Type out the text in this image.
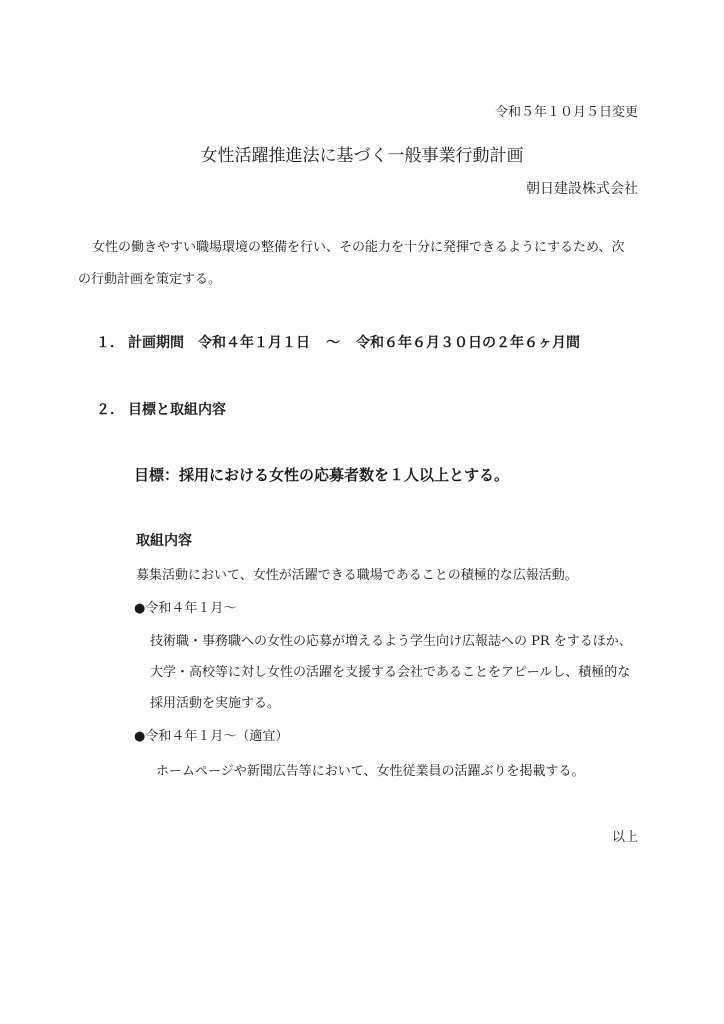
令和５年１０月５日変更
女性活躍推進法に基づく一般事業行動計画
朝日建設株式会社
女性の働きやすい職場環境の整備を行い、その能力を十分に発揮できるようにするため、次
の行動計画を策定する。
１． 計画期間 令和４年１月１日 ～ 令和６年６月３０日の２年６ヶ月間
２． 目標と取組内容
目標：採用における女性の応募者数を１人以上とする。
取組内容
募集活動において、女性が活躍できる職場であることの積極的な広報活動。
●令和４年１月～
技術職・事務職への女性の応募が増えるよう学生向け広報誌への PR をするほか、
大学・高校等に対し女性の活躍を支援する会社であることをアピールし、積極的な
採用活動を実施する。
●令和４年１月～（適宜）
ホームページや新聞広告等において、女性従業員の活躍ぶりを掲載する。
以上
